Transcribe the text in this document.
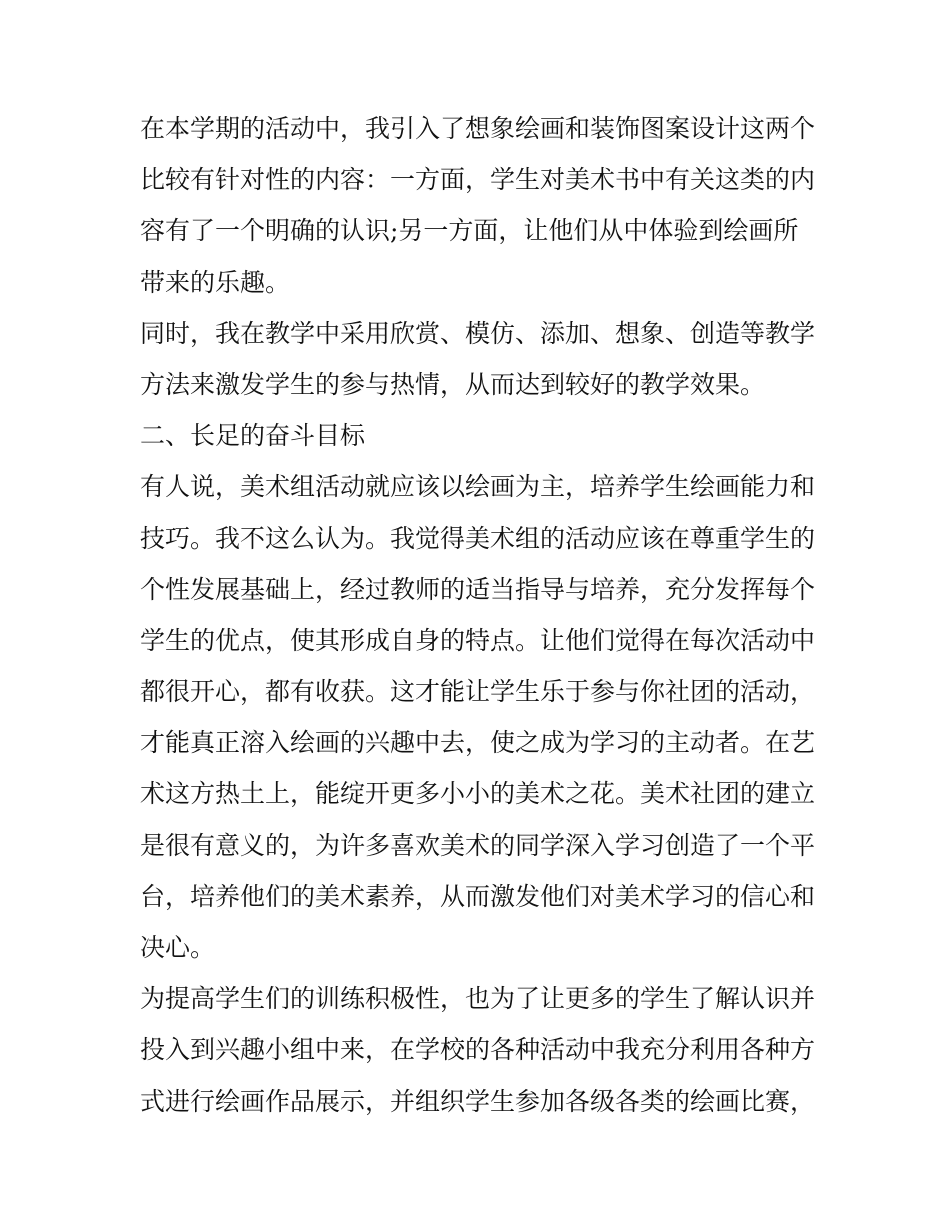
在本学期的活动中，我引入了想象绘画和装饰图案设计这两个
比较有针对性的内容：一方面，学生对美术书中有关这类的内
容有了一个明确的认识;另一方面，让他们从中体验到绘画所
带来的乐趣。
同时，我在教学中采用欣赏、模仿、添加、想象、创造等教学
方法来激发学生的参与热情，从而达到较好的教学效果。
二、长足的奋斗目标
有人说，美术组活动就应该以绘画为主，培养学生绘画能力和
技巧。我不这么认为。我觉得美术组的活动应该在尊重学生的
个性发展基础上，经过教师的适当指导与培养，充分发挥每个
学生的优点，使其形成自身的特点。让他们觉得在每次活动中
都很开心，都有收获。这才能让学生乐于参与你社团的活动，
才能真正溶入绘画的兴趣中去，使之成为学习的主动者。在艺
术这方热土上，能绽开更多小小的美术之花。美术社团的建立
是很有意义的，为许多喜欢美术的同学深入学习创造了一个平
台，培养他们的美术素养，从而激发他们对美术学习的信心和
决心。
为提高学生们的训练积极性，也为了让更多的学生了解认识并
投入到兴趣小组中来，在学校的各种活动中我充分利用各种方
式进行绘画作品展示，并组织学生参加各级各类的绘画比赛，
